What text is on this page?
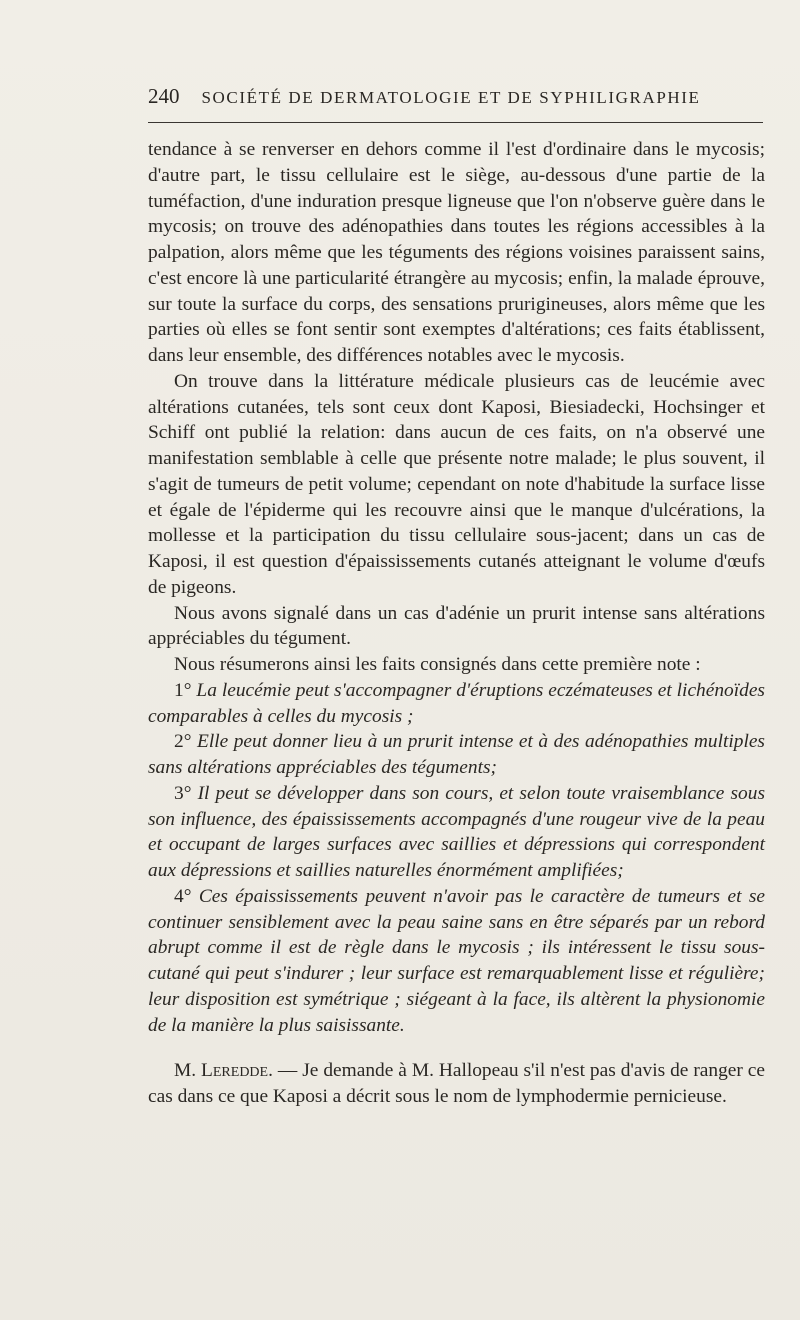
240 SOCIÉTÉ DE DERMATOLOGIE ET DE SYPHILIGRAPHIE

tendance à se renverser en dehors comme il l'est d'ordinaire dans le mycosis; d'autre part, le tissu cellulaire est le siège, au-dessous d'une partie de la tuméfaction, d'une induration presque ligneuse que l'on n'observe guère dans le mycosis; on trouve des adénopathies dans toutes les régions accessibles à la palpation, alors même que les téguments des régions voisines paraissent sains, c'est encore là une particularité étrangère au mycosis; enfin, la malade éprouve, sur toute la surface du corps, des sensations prurigineuses, alors même que les parties où elles se font sentir sont exemptes d'altérations; ces faits établissent, dans leur ensemble, des différences notables avec le mycosis.

On trouve dans la littérature médicale plusieurs cas de leucémie avec altérations cutanées, tels sont ceux dont Kaposi, Biesiadecki, Hochsinger et Schiff ont publié la relation: dans aucun de ces faits, on n'a observé une manifestation semblable à celle que présente notre malade; le plus souvent, il s'agit de tumeurs de petit volume; cependant on note d'habitude la surface lisse et égale de l'épiderme qui les recouvre ainsi que le manque d'ulcérations, la mollesse et la participation du tissu cellulaire sous-jacent; dans un cas de Kaposi, il est question d'épaississements cutanés atteignant le volume d'œufs de pigeons.

Nous avons signalé dans un cas d'adénie un prurit intense sans altérations appréciables du tégument.

Nous résumerons ainsi les faits consignés dans cette première note :

1° La leucémie peut s'accompagner d'éruptions eczémateuses et lichénoïdes comparables à celles du mycosis ;

2° Elle peut donner lieu à un prurit intense et à des adénopathies multiples sans altérations appréciables des téguments;

3° Il peut se développer dans son cours, et selon toute vraisemblance sous son influence, des épaississements accompagnés d'une rougeur vive de la peau et occupant de larges surfaces avec saillies et dépressions qui correspondent aux dépressions et saillies naturelles énormément amplifiées;

4° Ces épaississements peuvent n'avoir pas le caractère de tumeurs et se continuer sensiblement avec la peau saine sans en être séparés par un rebord abrupt comme il est de règle dans le mycosis ; ils intéressent le tissu sous-cutané qui peut s'indurer ; leur surface est remarquablement lisse et régulière; leur disposition est symétrique ; siégeant à la face, ils altèrent la physionomie de la manière la plus saisissante.

M. Leredde. — Je demande à M. Hallopeau s'il n'est pas d'avis de ranger ce cas dans ce que Kaposi a décrit sous le nom de lymphodermie pernicieuse.
